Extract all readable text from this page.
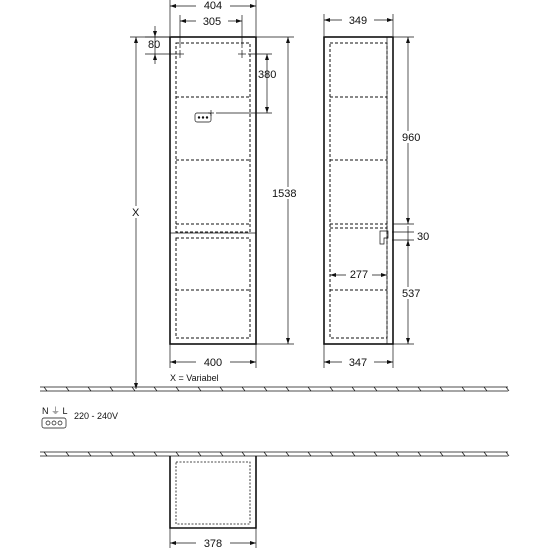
404
305
80
380
1538
X
400
X = Variabel
349
960
30
277
537
347
N ⏚ L 220 - 240V
378
